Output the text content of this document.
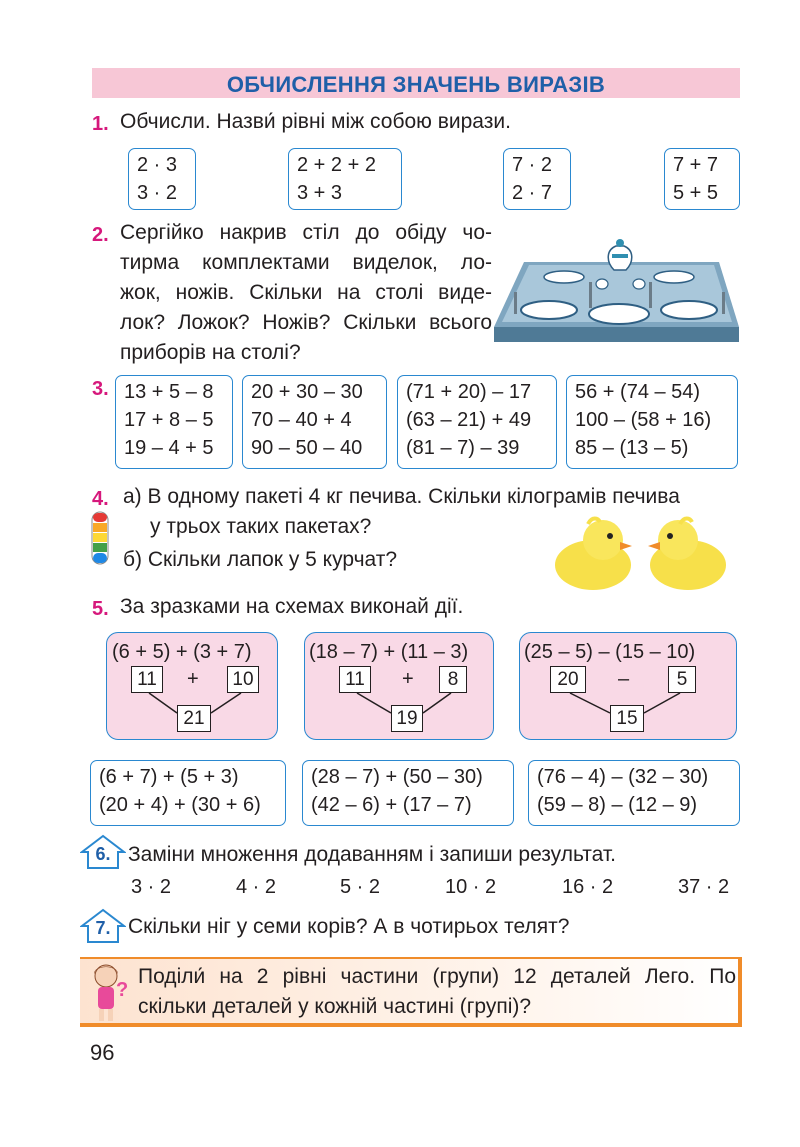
ОБЧИСЛЕННЯ ЗНАЧЕНЬ ВИРАЗІВ
1. Обчисли. Назви́ рівні між собою вирази.
2 · 3
3 · 2
2 + 2 + 2
3 + 3
7 · 2
2 · 7
7 + 7
5 + 5
2. Сергійко накрив стіл до обіду чо-
тирма комплектами виделок, ло-
жок, ножів. Скільки на столі виде-
лок? Ложок? Ножів? Скільки всього
приборів на столі?
3. 13 + 5 – 8
17 + 8 – 5
19 – 4 + 5
20 + 30 – 30
70 – 40 + 4
90 – 50 – 40
(71 + 20) – 17
(63 – 21) + 49
(81 – 7) – 39
56 + (74 – 54)
100 – (58 + 16)
85 – (13 – 5)
4. а) В одному пакеті 4 кг печива. Скільки кілограмів печива
у трьох таких пакетах?
б) Скільки лапок у 5 курчат?
5. За зразками на схемах виконай дії.
(6 + 5) + (3 + 7)
11	+ 10
21
(18 – 7) + (11 – 3)
11	+	8
19
(25 – 5) – (15 – 10)
20	–	5
15
(6 + 7) + (5 + 3)
(20 + 4) + (30 + 6)
(28 – 7) + (50 – 30)
(42 – 6) + (17 – 7)
(76 – 4) – (32 – 30)
(59 – 8) – (12 – 9)
6. Заміни множення додаванням і запиши результат.
3 · 2	4 · 2	5 · 2	10 · 2	16 · 2	37 · 2
7. Скільки ніг у семи корів? А в чотирьох телят?
?
Поділи́ на 2 рівні частини (групи) 12 деталей Лего. По
скільки деталей у кожній частині (групі)?
96
